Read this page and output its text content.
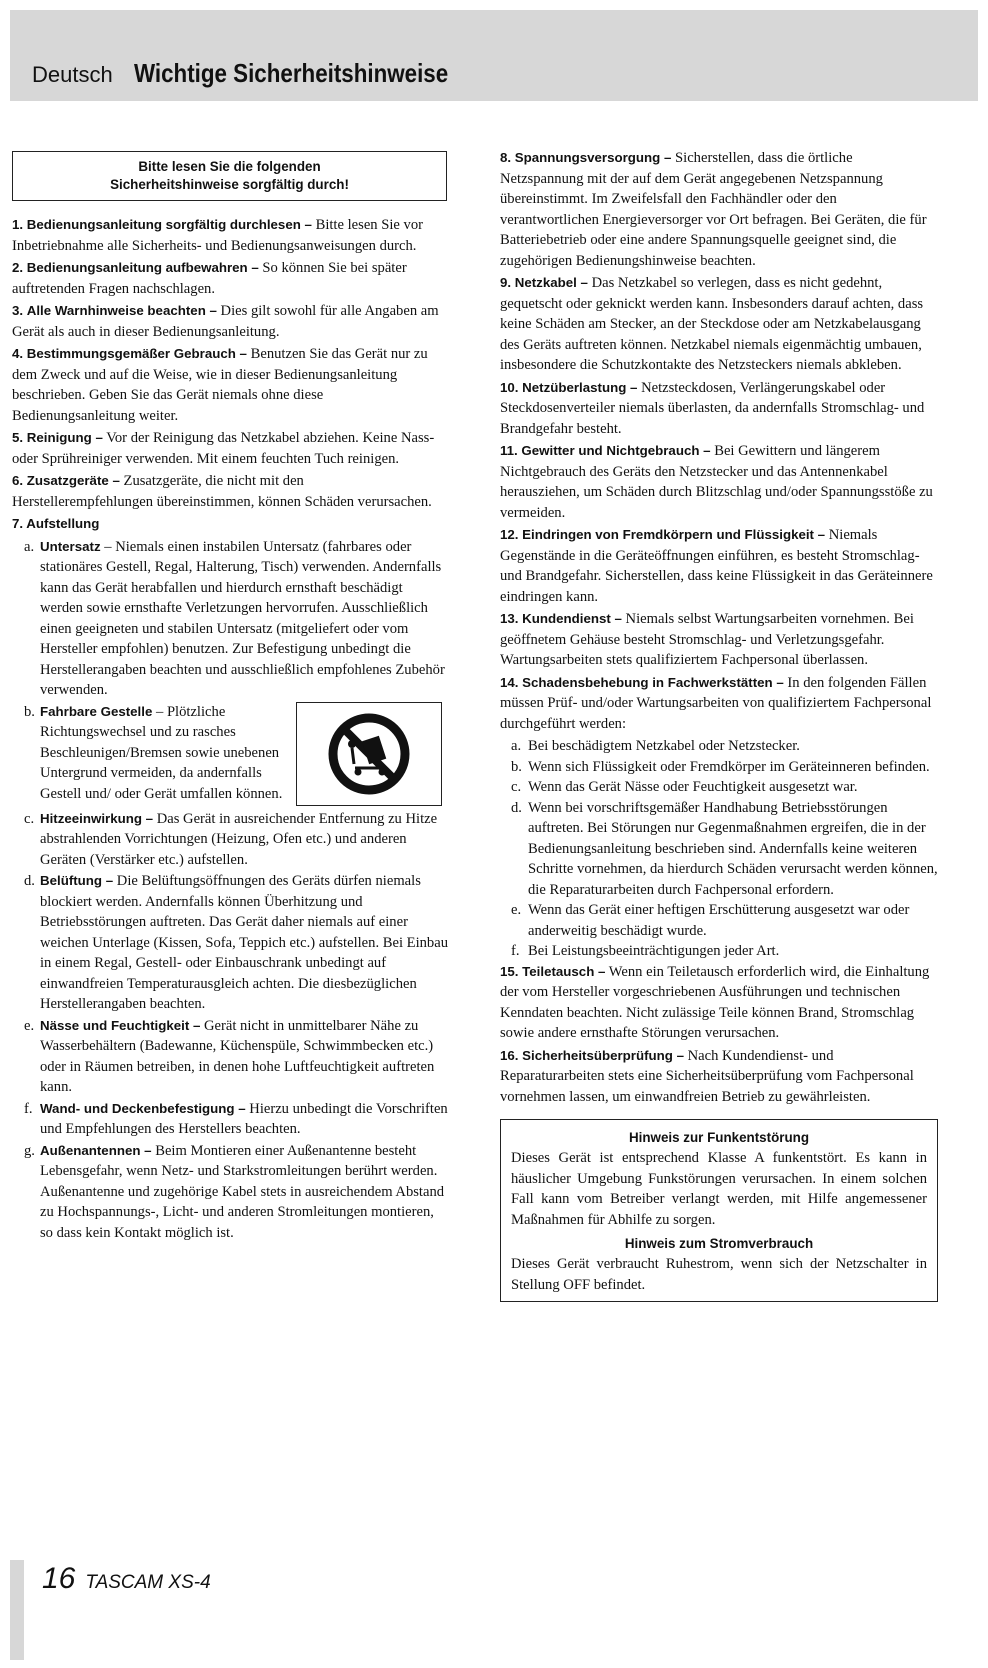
Deutsch Wichtige Sicherheitshinweise
Bitte lesen Sie die folgenden
Sicherheitshinweise sorgfältig durch!

1. Bedienungsanleitung sorgfältig durchlesen – Bitte lesen Sie vor Inbetriebnahme alle Sicherheits- und Bedienungsanweisungen durch.

2. Bedienungsanleitung aufbewahren – So können Sie bei später auftretenden Fragen nachschlagen.

3. Alle Warnhinweise beachten – Dies gilt sowohl für alle Angaben am Gerät als auch in dieser Bedienungsanleitung.

4. Bestimmungsgemäßer Gebrauch – Benutzen Sie das Gerät nur zu dem Zweck und auf die Weise, wie in dieser Bedienungsanleitung beschrieben. Geben Sie das Gerät niemals ohne diese Bedienungsanleitung weiter.

5. Reinigung – Vor der Reinigung das Netzkabel abziehen. Keine Nass- oder Sprühreiniger verwenden. Mit einem feuchten Tuch reinigen.

6. Zusatzgeräte – Zusatzgeräte, die nicht mit den Herstellerempfehlungen übereinstimmen, können Schäden verursachen.

7. Aufstellung

a. Untersatz – Niemals einen instabilen Untersatz (fahrbares oder stationäres Gestell, Regal, Halterung, Tisch) verwenden. Andernfalls kann das Gerät herabfallen und hierdurch ernsthaft beschädigt werden sowie ernsthafte Verletzungen hervorrufen. Ausschließlich einen geeigneten und stabilen Untersatz (mitgeliefert oder vom Hersteller empfohlen) benutzen. Zur Befestigung unbedingt die Herstellerangaben beachten und ausschließlich empfohlenes Zubehör verwenden.
b. Fahrbare Gestelle – Plötzliche Richtungswechsel und zu rasches Beschleunigen/Bremsen sowie unebenen Untergrund vermeiden, da andernfalls Gestell und/ oder Gerät umfallen können.
c. Hitzeeinwirkung – Das Gerät in ausreichender Entfernung zu Hitze abstrahlenden Vorrichtungen (Heizung, Ofen etc.) und anderen Geräten (Verstärker etc.) aufstellen.
d. Belüftung – Die Belüftungsöffnungen des Geräts dürfen niemals blockiert werden. Andernfalls können Überhitzung und Betriebsstörungen auftreten. Das Gerät daher niemals auf einer weichen Unterlage (Kissen, Sofa, Teppich etc.) aufstellen. Bei Einbau in einem Regal, Gestell- oder Einbauschrank unbedingt auf einwandfreien Temperaturausgleich achten. Die diesbezüglichen Herstellerangaben beachten.
e. Nässe und Feuchtigkeit – Gerät nicht in unmittelbarer Nähe zu Wasserbehältern (Badewanne, Küchenspüle, Schwimmbecken etc.) oder in Räumen betreiben, in denen hohe Luftfeuchtigkeit auftreten kann.
f. Wand- und Deckenbefestigung – Hierzu unbedingt die Vorschriften und Empfehlungen des Herstellers beachten.
g. Außenantennen – Beim Montieren einer Außenantenne besteht Lebensgefahr, wenn Netz- und Starkstromleitungen berührt werden. Außenantenne und zugehörige Kabel stets in ausreichendem Abstand zu Hochspannungs-, Licht- und anderen Stromleitungen montieren, so dass kein Kontakt möglich ist.

8. Spannungsversorgung – Sicherstellen, dass die örtliche Netzspannung mit der auf dem Gerät angegebenen Netzspannung übereinstimmt. Im Zweifelsfall den Fachhändler oder den verantwortlichen Energieversorger vor Ort befragen. Bei Geräten, die für Batteriebetrieb oder eine andere Spannungsquelle geeignet sind, die zugehörigen Bedienungshinweise beachten.

9. Netzkabel – Das Netzkabel so verlegen, dass es nicht gedehnt, gequetscht oder geknickt werden kann. Insbesonders darauf achten, dass keine Schäden am Stecker, an der Steckdose oder am Netzkabelausgang des Geräts auftreten können. Netzkabel niemals eigenmächtig umbauen, insbesondere die Schutzkontakte des Netzsteckers niemals abkleben.

10. Netzüberlastung – Netzsteckdosen, Verlängerungskabel oder Steckdosenverteiler niemals überlasten, da andernfalls Stromschlag- und Brandgefahr besteht.

11. Gewitter und Nichtgebrauch – Bei Gewittern und längerem Nichtgebrauch des Geräts den Netzstecker und das Antennenkabel herausziehen, um Schäden durch Blitzschlag und/oder Spannungsstöße zu vermeiden.

12. Eindringen von Fremdkörpern und Flüssigkeit – Niemals Gegenstände in die Geräteöffnungen einführen, es besteht Stromschlag- und Brandgefahr. Sicherstellen, dass keine Flüssigkeit in das Geräteinnere eindringen kann.

13. Kundendienst – Niemals selbst Wartungsarbeiten vornehmen. Bei geöffnetem Gehäuse besteht Stromschlag- und Verletzungsgefahr. Wartungsarbeiten stets qualifiziertem Fachpersonal überlassen.

14. Schadensbehebung in Fachwerkstätten – In den folgenden Fällen müssen Prüf- und/oder Wartungsarbeiten von qualifiziertem Fachpersonal durchgeführt werden:

a. Bei beschädigtem Netzkabel oder Netzstecker.
b. Wenn sich Flüssigkeit oder Fremdkörper im Geräteinneren befinden.
c. Wenn das Gerät Nässe oder Feuchtigkeit ausgesetzt war.
d. Wenn bei vorschriftsgemäßer Handhabung Betriebsstörungen auftreten. Bei Störungen nur Gegenmaßnahmen ergreifen, die in der Bedienungsanleitung beschrieben sind. Andernfalls keine weiteren Schritte vornehmen, da hierdurch Schäden verursacht werden können, die Reparaturarbeiten durch Fachpersonal erfordern.
e. Wenn das Gerät einer heftigen Erschütterung ausgesetzt war oder anderweitig beschädigt wurde.
f. Bei Leistungsbeeinträchtigungen jeder Art.

15. Teiletausch – Wenn ein Teiletausch erforderlich wird, die Einhaltung der vom Hersteller vorgeschriebenen Ausführungen und technischen Kenndaten beachten. Nicht zulässige Teile können Brand, Stromschlag sowie andere ernsthafte Störungen verursachen.

16. Sicherheitsüberprüfung – Nach Kundendienst- und Reparaturarbeiten stets eine Sicherheitsüberprüfung vom Fachpersonal vornehmen lassen, um einwandfreien Betrieb zu gewährleisten.

Hinweis zur Funkentstörung
Dieses Gerät ist entsprechend Klasse A funkentstört. Es kann in häuslicher Umgebung Funkstörungen verursachen. In einem solchen Fall kann vom Betreiber verlangt werden, mit Hilfe angemessener Maßnahmen für Abhilfe zu sorgen.
Hinweis zum Stromverbrauch
Dieses Gerät verbraucht Ruhestrom, wenn sich der Netzschalter in Stellung OFF befindet.
16 TASCAM XS-4
